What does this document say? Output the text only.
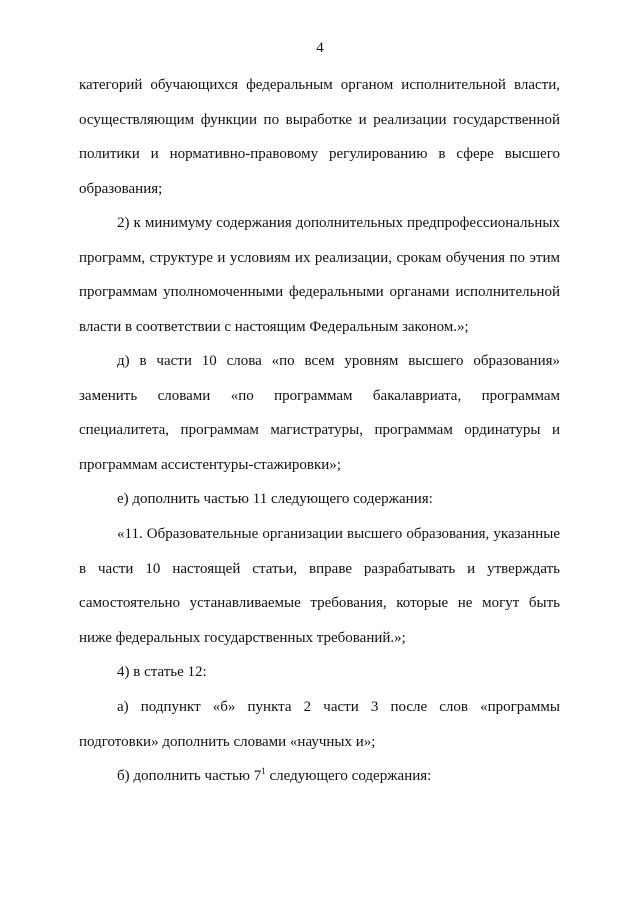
4

категорий обучающихся федеральным органом исполнительной власти, осуществляющим функции по выработке и реализации государственной политики и нормативно-правовому регулированию в сфере высшего образования;

2) к минимуму содержания дополнительных предпрофессиональных программ, структуре и условиям их реализации, срокам обучения по этим программам уполномоченными федеральными органами исполнительной власти в соответствии с настоящим Федеральным законом.»;

д) в части 10 слова «по всем уровням высшего образования» заменить словами «по программам бакалавриата, программам специалитета, программам магистратуры, программам ординатуры и программам ассистентуры-стажировки»;

е) дополнить частью 11 следующего содержания:

«11. Образовательные организации высшего образования, указанные в части 10 настоящей статьи, вправе разрабатывать и утверждать самостоятельно устанавливаемые требования, которые не могут быть ниже федеральных государственных требований.»;

4) в статье 12:

а) подпункт «б» пункта 2 части 3 после слов «программы подготовки» дополнить словами «научных и»;

б) дополнить частью $7^1$ следующего содержания:
